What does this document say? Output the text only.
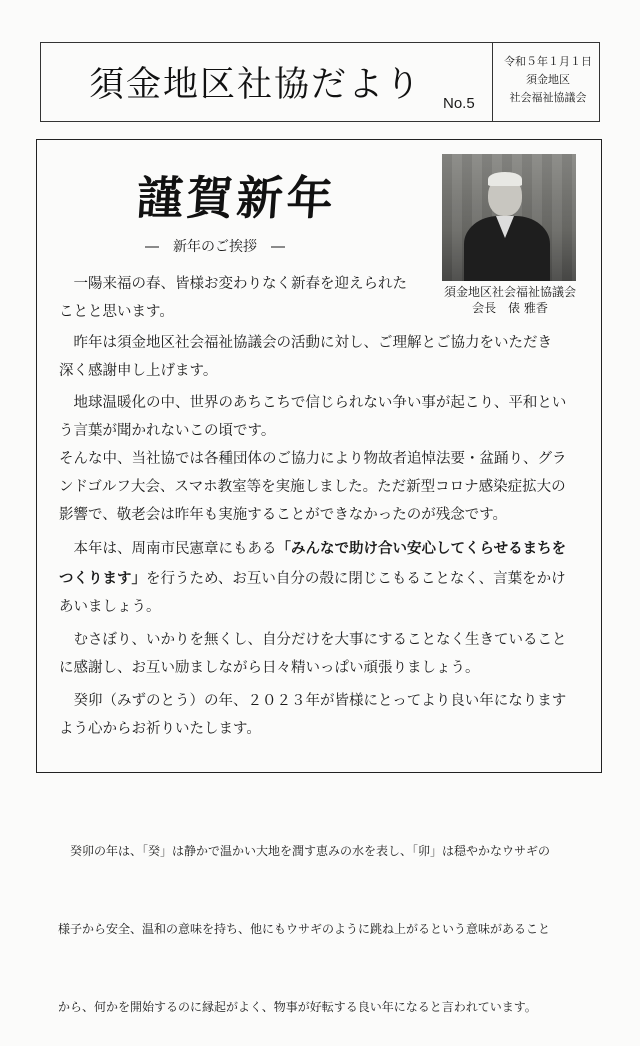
須金地区社協だより No.5
令和５年１月１日
須金地区
社会福祉協議会
謹賀新年
―　新年のご挨拶　―
須金地区社会福祉協議会
会長　俵 雅香
　一陽来福の春、皆様お変わりなく新春を迎えられた
ことと思います。
　昨年は須金地区社会福祉協議会の活動に対し、ご理解とご協力をいただき
深く感謝申し上げます。
　地球温暖化の中、世界のあちこちで信じられない争い事が起こり、平和とい
う言葉が聞かれないこの頃です。
そんな中、当社協では各種団体のご協力により物故者追悼法要・盆踊り、グラ
ンドゴルフ大会、スマホ教室等を実施しました。ただ新型コロナ感染症拡大の
影響で、敬老会は昨年も実施することができなかったのが残念です。
　本年は、周南市民憲章にもある「みんなで助け合い安心してくらせるまちを
つくります」を行うため、お互い自分の殻に閉じこもることなく、言葉をかけ
あいましょう。
　むさぼり、いかりを無くし、自分だけを大事にすることなく生きていること
に感謝し、お互い励ましながら日々精いっぱい頑張りましょう。
　癸卯（みずのとう）の年、２０２３年が皆様にとってより良い年になります
よう心からお祈りいたします。

　癸卯の年は、「癸」は静かで温かい大地を潤す恵みの水を表し、「卯」は穏やかなウサギの

様子から安全、温和の意味を持ち、他にもウサギのように跳ね上がるという意味があること

から、何かを開始するのに縁起がよく、物事が好転する良い年になると言われています。
